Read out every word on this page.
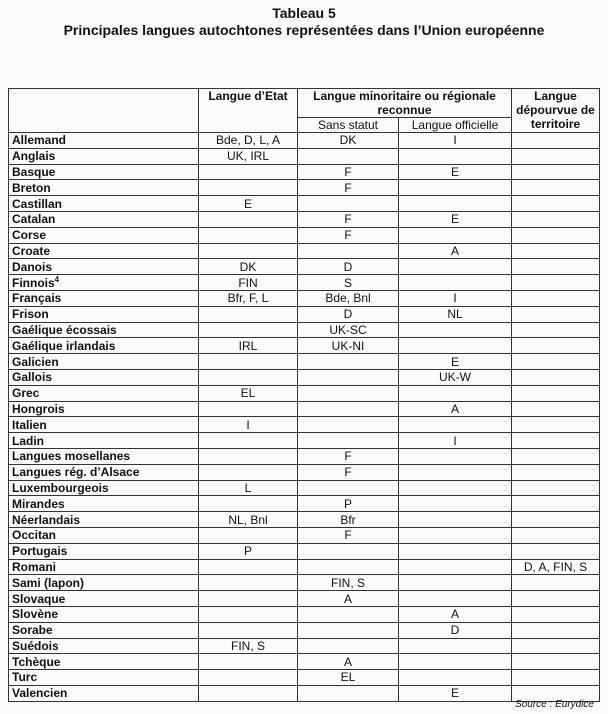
Tableau 5
Principales langues autochtones représentées dans l’Union européenne
	Langue d’Etat	Langue minoritaire ou régionale reconnue		Langue dépourvue de territoire
		Sans statut	Langue officielle	
Allemand	Bde, D, L, A	DK	I	
Anglais	UK, IRL			
Basque		F	E	
Breton		F		
Castillan	E			
Catalan		F	E	
Corse		F		
Croate			A	
Danois	DK	D		
Finnois$^4$	FIN	S		
Français	Bfr, F, L	Bde, Bnl	I	
Frison		D	NL	
Gaélique écossais		UK-SC		
Gaélique irlandais	IRL	UK-NI		
Galicien			E	
Gallois			UK-W	
Grec	EL			
Hongrois			A	
Italien	I			
Ladin			I	
Langues mosellanes		F		
Langues rég. d’Alsace		F		
Luxembourgeois	L			
Mirandes		P		
Néerlandais	NL, Bnl	Bfr		
Occitan		F		
Portugais	P			
Romani				D, A, FIN, S
Sami (lapon)		FIN, S		
Slovaque		A		
Slovène			A	
Sorabe			D	
Suédois	FIN, S			
Tchèque		A		
Turc		EL		
Valencien			E	
Source : Eurydice
